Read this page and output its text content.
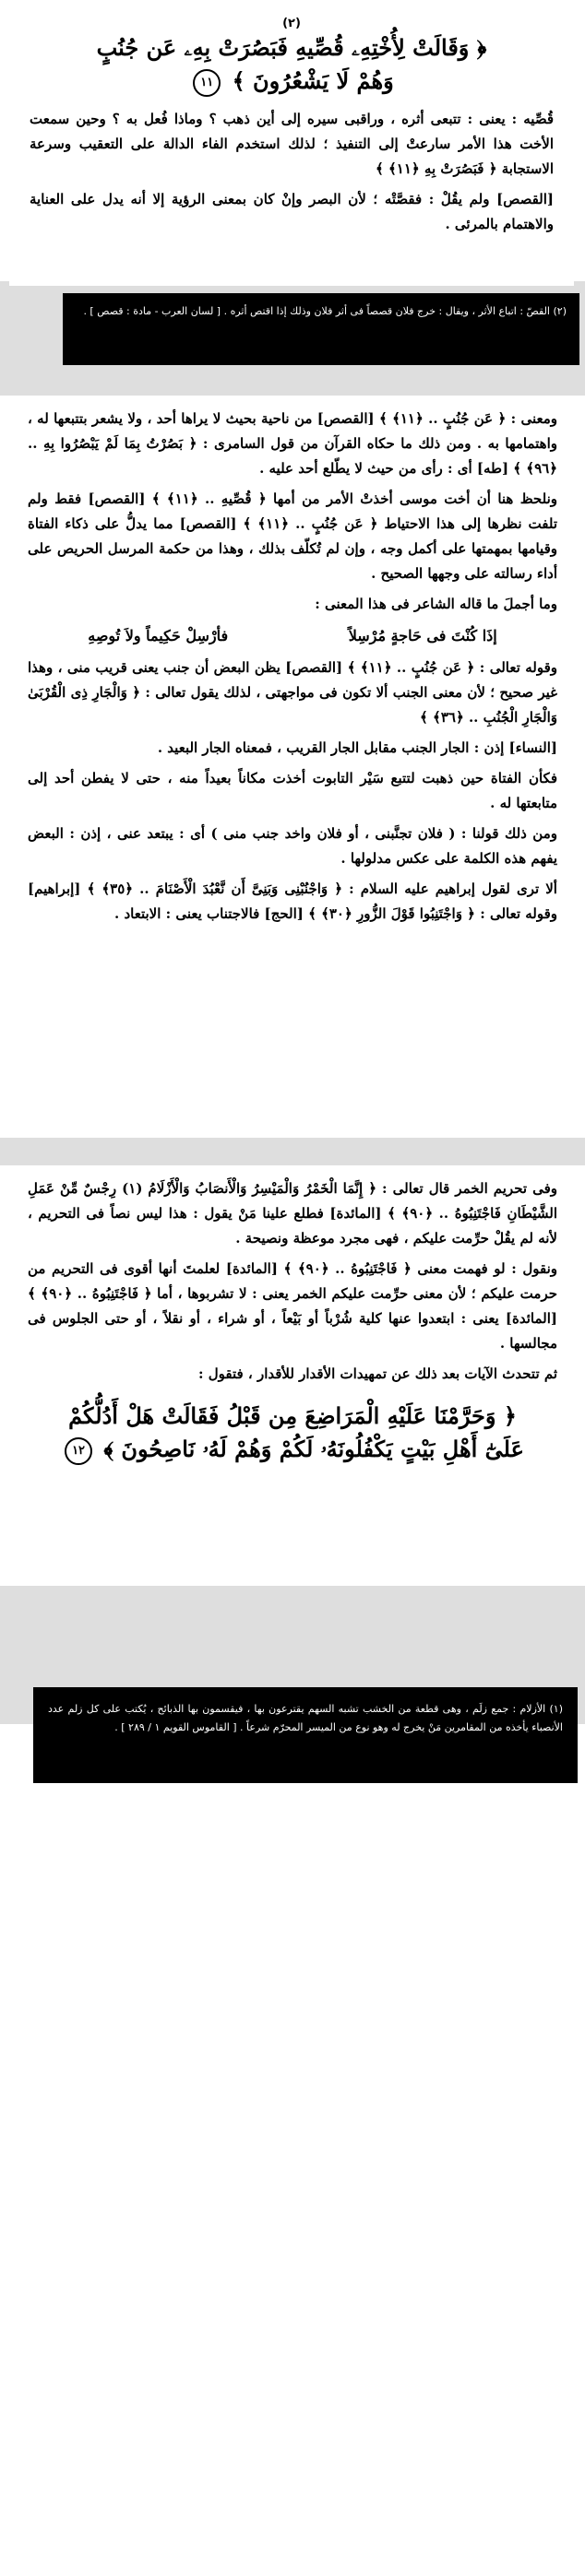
(٢)

﴿ وَقَالَتْ لِأُخْتِهِۦ قُصِّيهِ فَبَصُرَتْ بِهِۦ عَن جُنُبٍ

وَهُمْ لَا يَشْعُرُونَ ﴾ ١١

قُصِّيه : يعنى : تتبعى أثره ، وراقبى سيره إلى أين ذهب ؟ وماذا فُعل به ؟ وحين سمعت الأخت هذا الأمر سارعتْ إلى التنفيذ ؛ لذلك استخدم الفاء الدالة على التعقيب وسرعة الاستجابة ﴿ فَبَصُرَتْ بِهِ ﴿١١﴾ ﴾

[القصص] ولم يقُلْ : فقصَّتْه ؛ لأن البصر وإنْ كان بمعنى الرؤية إلا أنه يدل على العناية والاهتمام بالمرئى .

(٢) القصّ : اتباع الأثر ، ويقال : خرج فلان قصصاً فى أثر فلان وذلك إذا اقتص أثره . [ لسان العرب - مادة : قصص ] .

ومعنى : ﴿ عَن جُنُبٍ .. ﴿١١﴾ ﴾ [القصص] من ناحية بحيث لا يراها أحد ، ولا يشعر بتتبعها له ، واهتمامها به . ومن ذلك ما حكاه القرآن من قول السامرى : ﴿ بَصُرْتُ بِمَا لَمْ يَبْصُرُوا بِهِ .. ﴿٩٦﴾ ﴾ [طه] أى : رأى من حيث لا يطّلع أحد عليه .

ونلحظ هنا أن أخت موسى أخذتْ الأمر من أمها ﴿ قُصِّيهِ .. ﴿١١﴾ ﴾ [القصص] فقط ولم تلفت نظرها إلى هذا الاحتياط ﴿ عَن جُنُبٍ .. ﴿١١﴾ ﴾ [القصص] مما يدلُّ على ذكاء الفتاة وقيامها بمهمتها على أكمل وجه ، وإن لم تُكلّف بذلك ، وهذا من حكمة المرسل الحريص على أداء رسالته على وجهها الصحيح .

وما أجملَ ما قاله الشاعر فى هذا المعنى :

إذَا كُنْتَ فى حَاجةٍ مُرْسِلاً
فأرْسِلْ حَكِيماً ولاَ تُوصِهِ

وقوله تعالى : ﴿ عَن جُنُبٍ .. ﴿١١﴾ ﴾ [القصص] يظن البعض أن جنب يعنى قريب منى ، وهذا غير صحيح ؛ لأن معنى الجنب ألا تكون فى مواجهتى ، لذلك يقول تعالى : ﴿ وَالْجَارِ ذِى الْقُرْبَىٰ وَالْجَارِ الْجُنُبِ .. ﴿٣٦﴾ ﴾

[النساء] إذن : الجار الجنب مقابل الجار القريب ، فمعناه الجار البعيد .

فكأن الفتاة حين ذهبت لتتبع سَيْر التابوت أخذت مكاناً بعيداً منه ، حتى لا يفطن أحد إلى متابعتها له .

ومن ذلك قولنا : ( فلان تجنَّبنى ، أو فلان واخد جنب منى ) أى : يبتعد عنى ، إذن : البعض يفهم هذه الكلمة على عكس مدلولها .

ألا ترى لقول إبراهيم عليه السلام : ﴿ وَاجْنُبْنِى وَبَنِىَّ أَن نَّعْبُدَ الْأَصْنَامَ .. ﴿٣٥﴾ ﴾ [إبراهيم] وقوله تعالى : ﴿ وَاجْتَنِبُوا قَوْلَ الزُّورِ ﴿٣٠﴾ ﴾ [الحج] فالاجتناب يعنى : الابتعاد .

وفى تحريم الخمر قال تعالى : ﴿ إِنَّمَا الْخَمْرُ وَالْمَيْسِرُ وَالْأَنصَابُ وَالْأَزْلَامُ (١) رِجْسٌ مِّنْ عَمَلِ الشَّيْطَانِ فَاجْتَنِبُوهُ .. ﴿٩٠﴾ ﴾ [المائدة] فطلع علينا مَنْ يقول : هذا ليس نصاً فى التحريم ، لأنه لم يقُلْ حرِّمت عليكم ، فهى مجرد موعظة ونصيحة .

ونقول : لو فهمت معنى ﴿ فَاجْتَنِبُوهُ .. ﴿٩٠﴾ ﴾ [المائدة] لعلمتَ أنها أقوى فى التحريم من حرمت عليكم ؛ لأن معنى حرِّمت عليكم الخمر يعنى : لا تشربوها ، أما ﴿ فَاجْتَنِبُوهُ .. ﴿٩٠﴾ ﴾ [المائدة] يعنى : ابتعدوا عنها كلية شُرْباً أو بَيْعاً ، أو شراء ، أو نقلاً ، أو حتى الجلوس فى مجالسها .

ثم تتحدث الآيات بعد ذلك عن تمهيدات الأقدار للأقدار ، فتقول :

﴿ وَحَرَّمْنَا عَلَيْهِ الْمَرَاضِعَ مِن قَبْلُ فَقَالَتْ هَلْ أَدُلُّكُمْ

عَلَىٰٓ أَهْلِ بَيْتٍ يَكْفُلُونَهُۥ لَكُمْ وَهُمْ لَهُۥ نَاصِحُونَ ﴾ ١٢

(١) الأزلام : جمع زلَم ، وهى قطعة من الخشب تشبه السهم يقترعون بها ، فيقسمون بها الذبائح ، يُكتب على كل زلم عدد الأنصباء يأخذه من المقامرين مَنْ يخرج له وهو نوع من الميسر المحرّم شرعاً . [ القاموس القويم ١ / ٢٨٩ ] .
